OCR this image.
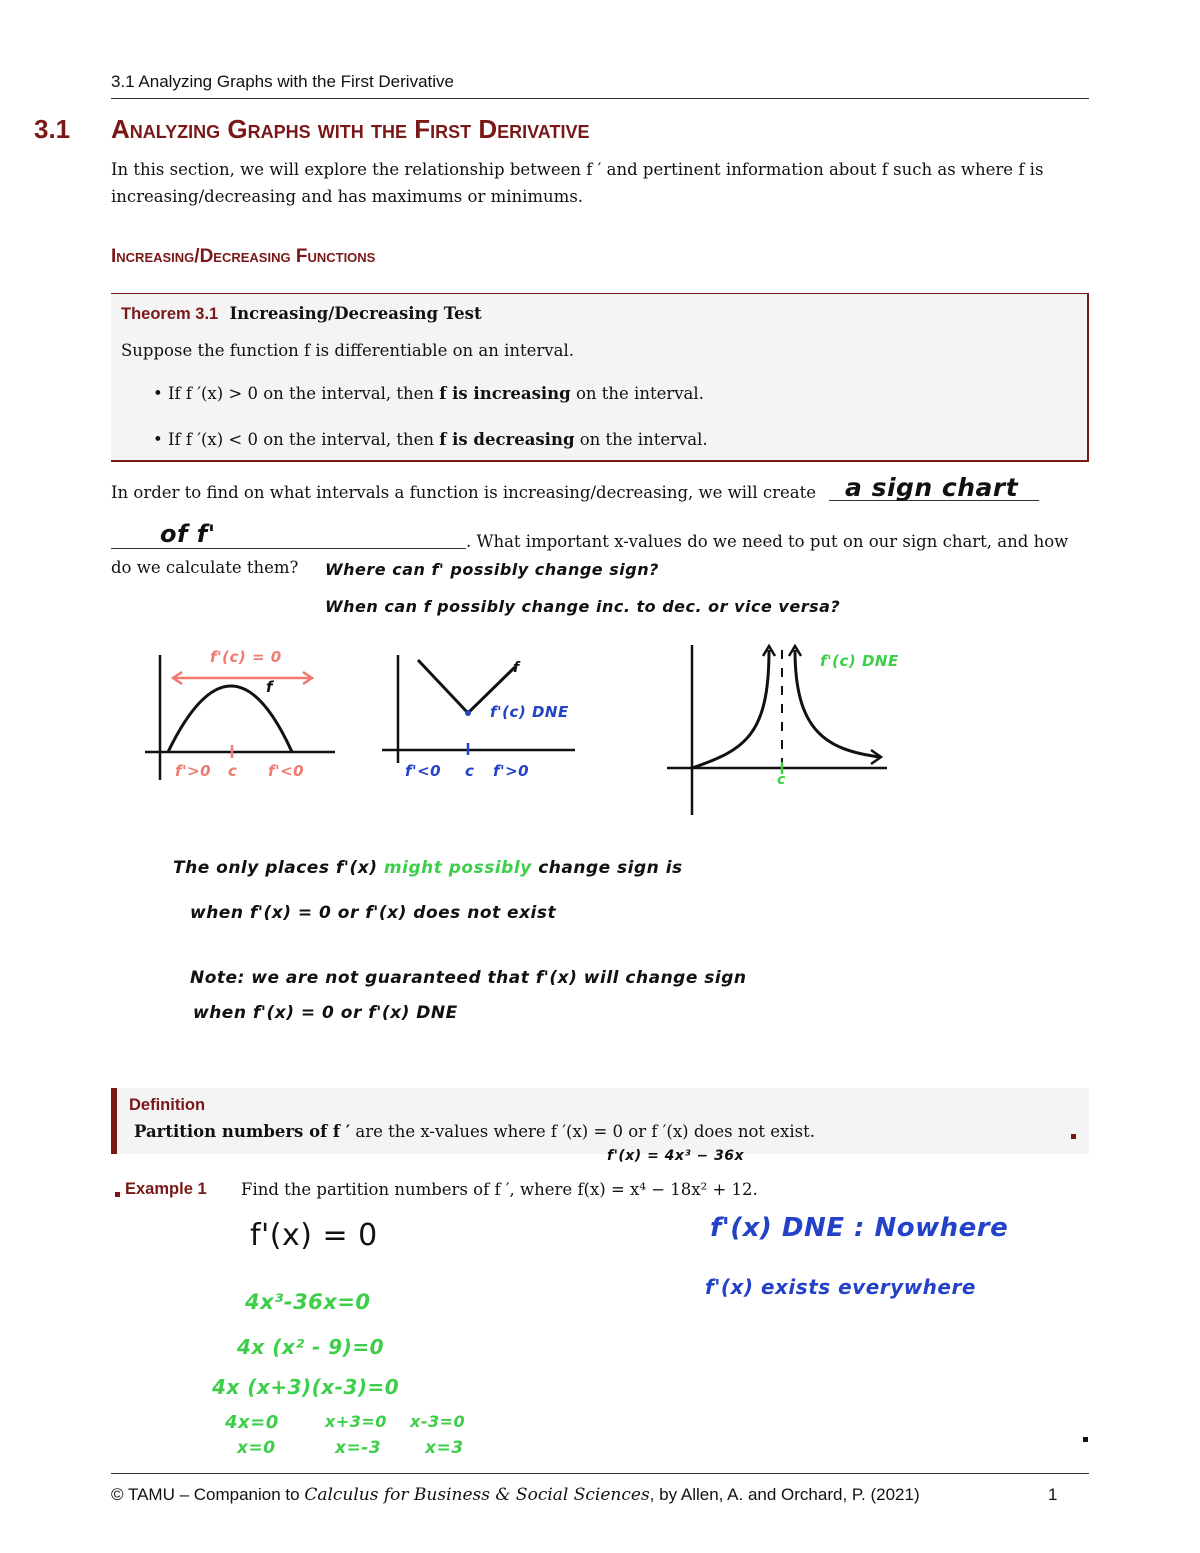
3.1 Analyzing Graphs with the First Derivative
3.1 Analyzing Graphs with the First Derivative
In this section, we will explore the relationship between f ′ and pertinent information about f such as where f is
increasing/decreasing and has maximums or minimums.
Increasing/Decreasing Functions
Theorem 3.1 Increasing/Decreasing Test
Suppose the function f is differentiable on an interval.
• If f ′(x) > 0 on the interval, then f is increasing on the interval.
• If f ′(x) < 0 on the interval, then f is decreasing on the interval.
In order to find on what intervals a function is increasing/decreasing, we will create a sign chart
of f'	. What important x-values do we need to put on our sign chart, and how
do we calculate them? Where can f' possibly change sign?
When can f possibly change inc. to dec. or vice versa?
f'(c) = 0
f
f'>0 c f'<0
f
f'(c) DNE
f'<0 c f'>0
f'(c) DNE
c
The only places f'(x) might possibly change sign is
when f'(x) = 0 or f'(x) does not exist
Note: we are not guaranteed that f'(x) will change sign
when f'(x) = 0 or f'(x) DNE
Definition
Partition numbers of f ′ are the x-values where f ′(x) = 0 or f ′(x) does not exist.
f'(x) = 4x³ − 36x
Example 1 Find the partition numbers of f ′, where f(x) = x⁴ − 18x² + 12.
f'(x) = 0	f'(x) DNE : Nowhere
f'(x) exists everywhere
4x³-36x=0
4x (x² - 9)=0
4x (x+3)(x-3)=0
4x=0	x+3=0 x-3=0
x=0	x=-3	x=3
© TAMU – Companion to Calculus for Business & Social Sciences, by Allen, A. and Orchard, P. (2021)	1
